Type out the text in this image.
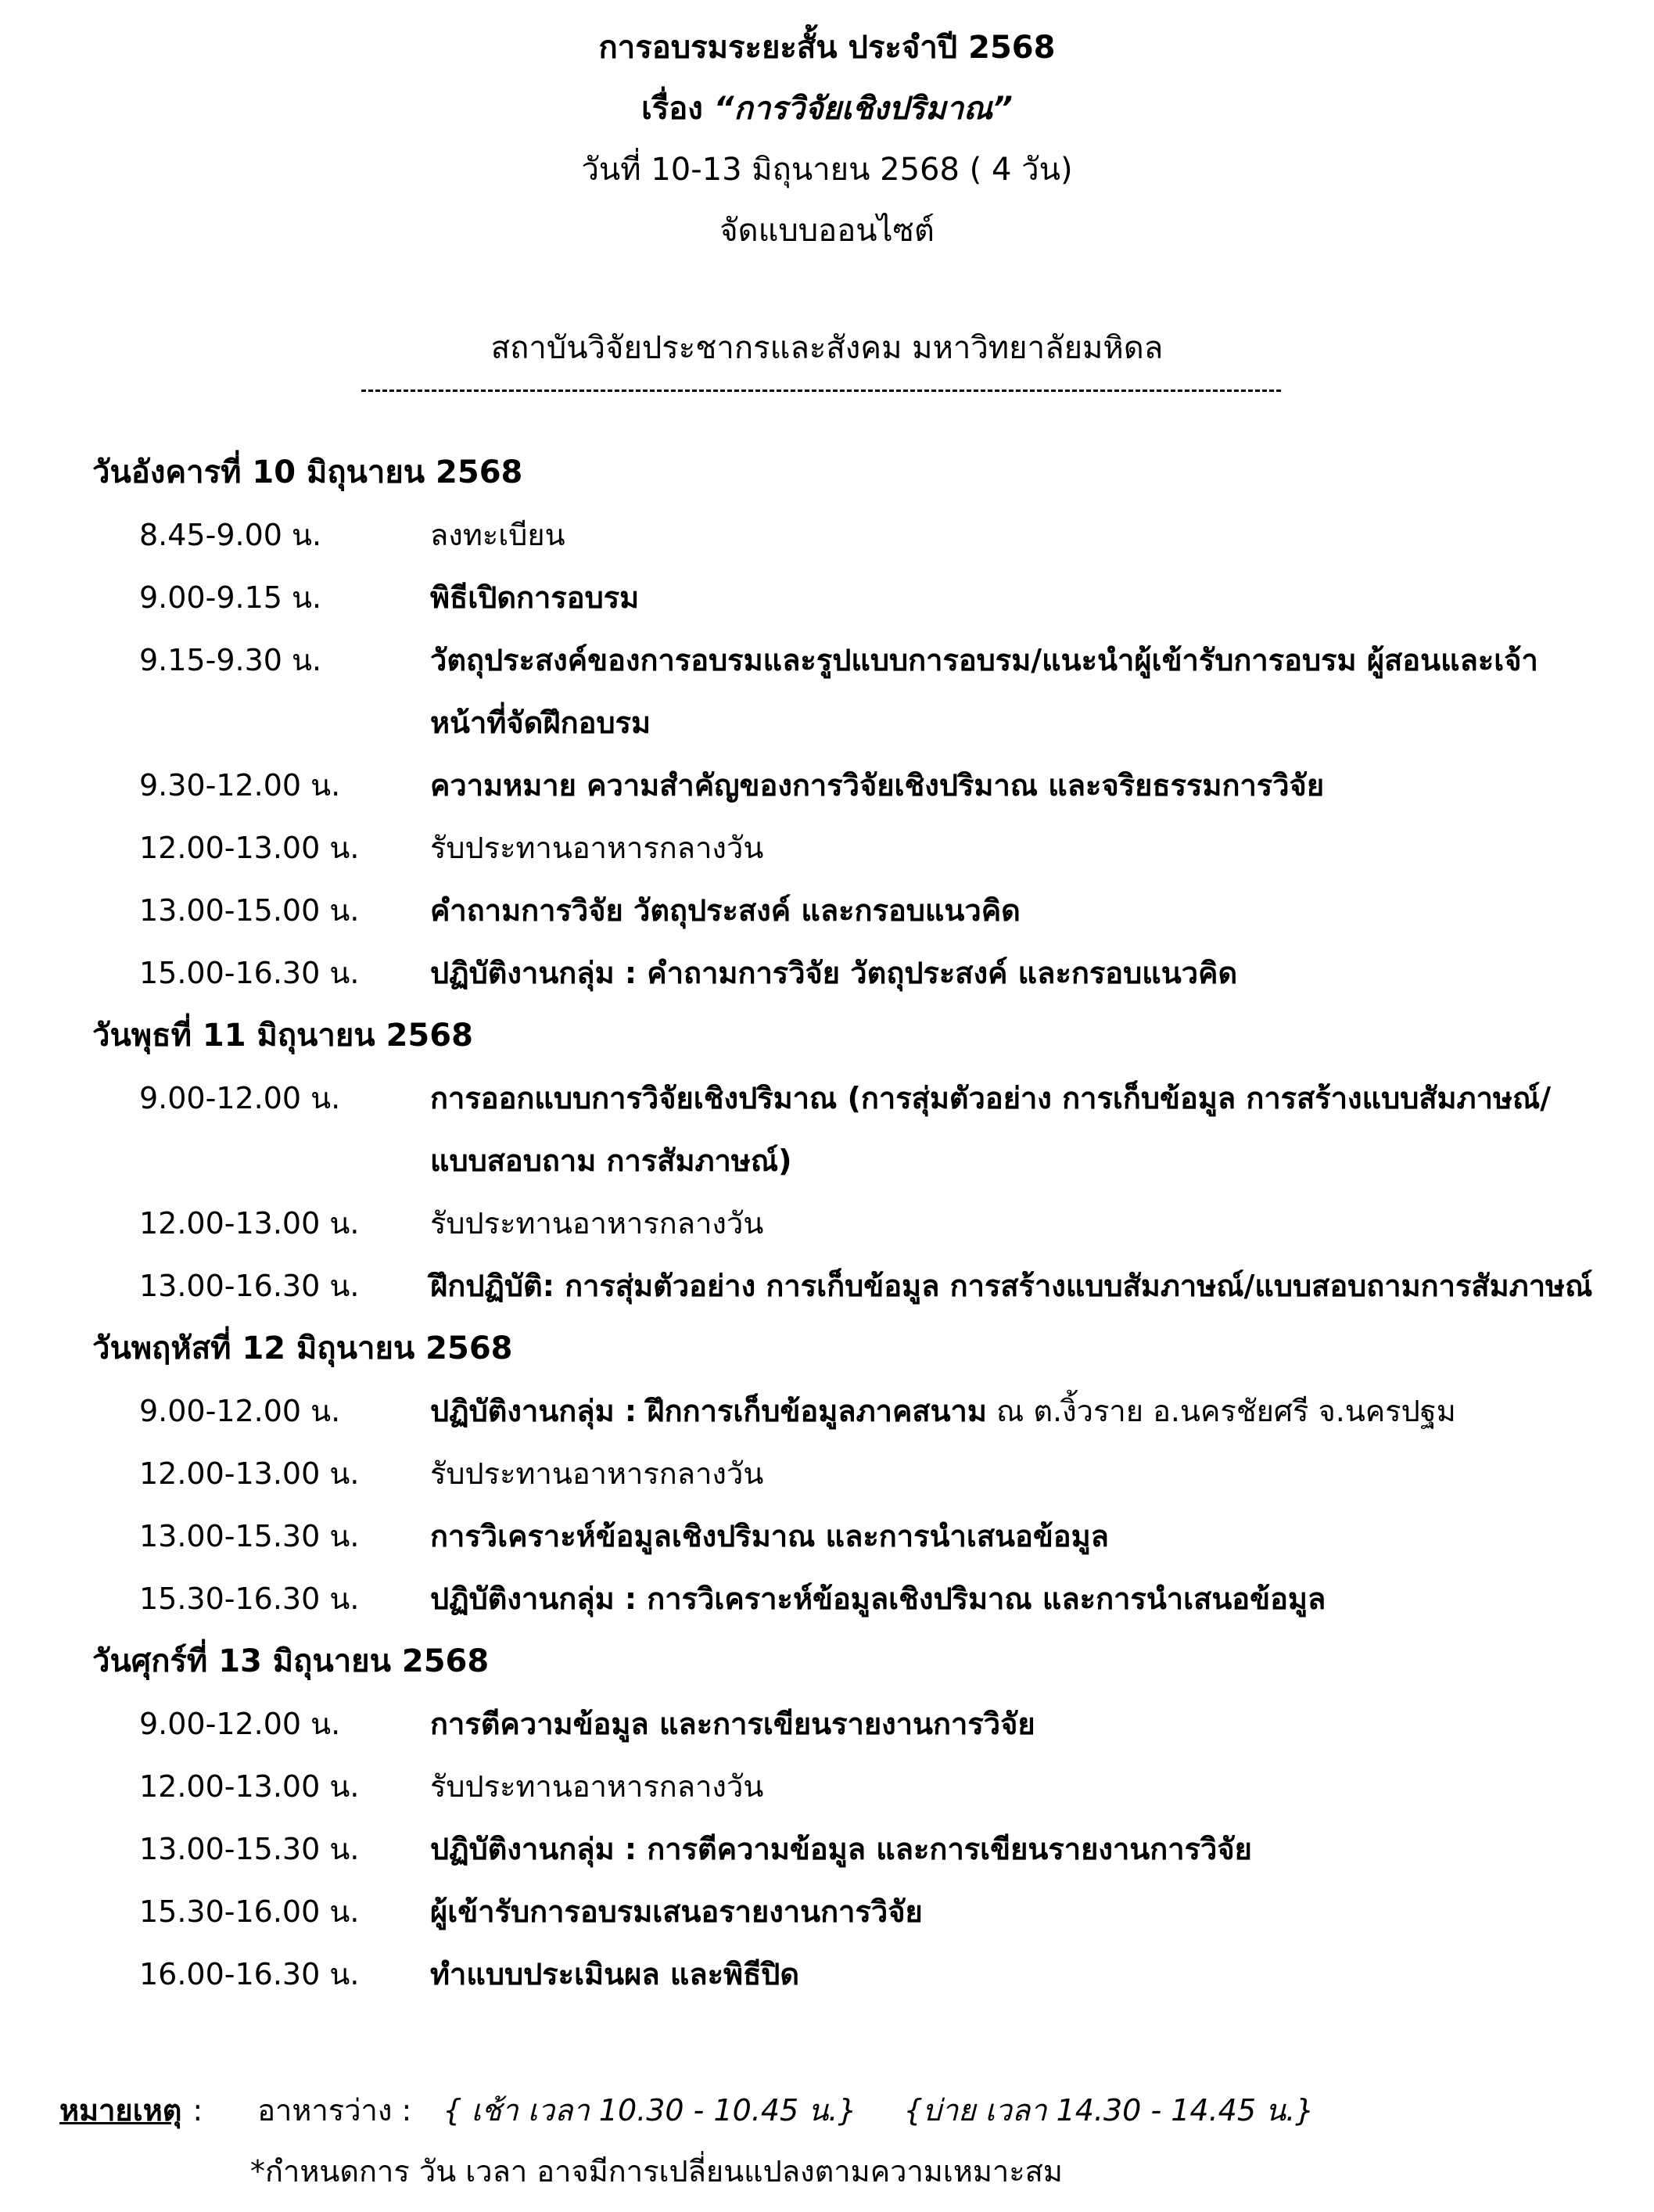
การอบรมระยะสั้น ประจำปี 2568
เรื่อง “การวิจัยเชิงปริมาณ”
วันที่ 10-13 มิถุนายน 2568 ( 4 วัน)
จัดแบบออนไซต์
สถาบันวิจัยประชากรและสังคม มหาวิทยาลัยมหิดล
วันอังคารที่ 10 มิถุนายน 2568
8.45-9.00 น.	ลงทะเบียน
9.00-9.15 น.	พิธีเปิดการอบรม
9.15-9.30 น.	วัตถุประสงค์ของการอบรมและรูปแบบการอบรม/แนะนำผู้เข้ารับการอบรม ผู้สอนและเจ้าหน้าที่จัดฝึกอบรม
9.30-12.00 น.	ความหมาย ความสำคัญของการวิจัยเชิงปริมาณ และจริยธรรมการวิจัย
12.00-13.00 น.	รับประทานอาหารกลางวัน
13.00-15.00 น.	คำถามการวิจัย วัตถุประสงค์ และกรอบแนวคิด
15.00-16.30 น.	ปฏิบัติงานกลุ่ม : คำถามการวิจัย วัตถุประสงค์ และกรอบแนวคิด
วันพุธที่ 11 มิถุนายน 2568
9.00-12.00 น.	การออกแบบการวิจัยเชิงปริมาณ (การสุ่มตัวอย่าง การเก็บข้อมูล การสร้างแบบสัมภาษณ์/แบบสอบถาม การสัมภาษณ์)
12.00-13.00 น.	รับประทานอาหารกลางวัน
13.00-16.30 น.	ฝึกปฏิบัติ: การสุ่มตัวอย่าง การเก็บข้อมูล การสร้างแบบสัมภาษณ์/แบบสอบถามการสัมภาษณ์
วันพฤหัสที่ 12 มิถุนายน 2568
9.00-12.00 น.	ปฏิบัติงานกลุ่ม : ฝึกการเก็บข้อมูลภาคสนาม ณ ต.งิ้วราย อ.นครชัยศรี จ.นครปฐม
12.00-13.00 น.	รับประทานอาหารกลางวัน
13.00-15.30 น.	การวิเคราะห์ข้อมูลเชิงปริมาณ และการนำเสนอข้อมูล
15.30-16.30 น.	ปฏิบัติงานกลุ่ม : การวิเคราะห์ข้อมูลเชิงปริมาณ และการนำเสนอข้อมูล
วันศุกร์ที่ 13 มิถุนายน 2568
9.00-12.00 น.	การตีความข้อมูล และการเขียนรายงานการวิจัย
12.00-13.00 น.	รับประทานอาหารกลางวัน
13.00-15.30 น.	ปฏิบัติงานกลุ่ม : การตีความข้อมูล และการเขียนรายงานการวิจัย
15.30-16.00 น.	ผู้เข้ารับการอบรมเสนอรายงานการวิจัย
16.00-16.30 น.	ทำแบบประเมินผล และพิธีปิด
หมายเหตุ : อาหารว่าง : { เช้า เวลา 10.30 - 10.45 น.} {บ่าย เวลา 14.30 - 14.45 น.}
*กำหนดการ วัน เวลา อาจมีการเปลี่ยนแปลงตามความเหมาะสม
